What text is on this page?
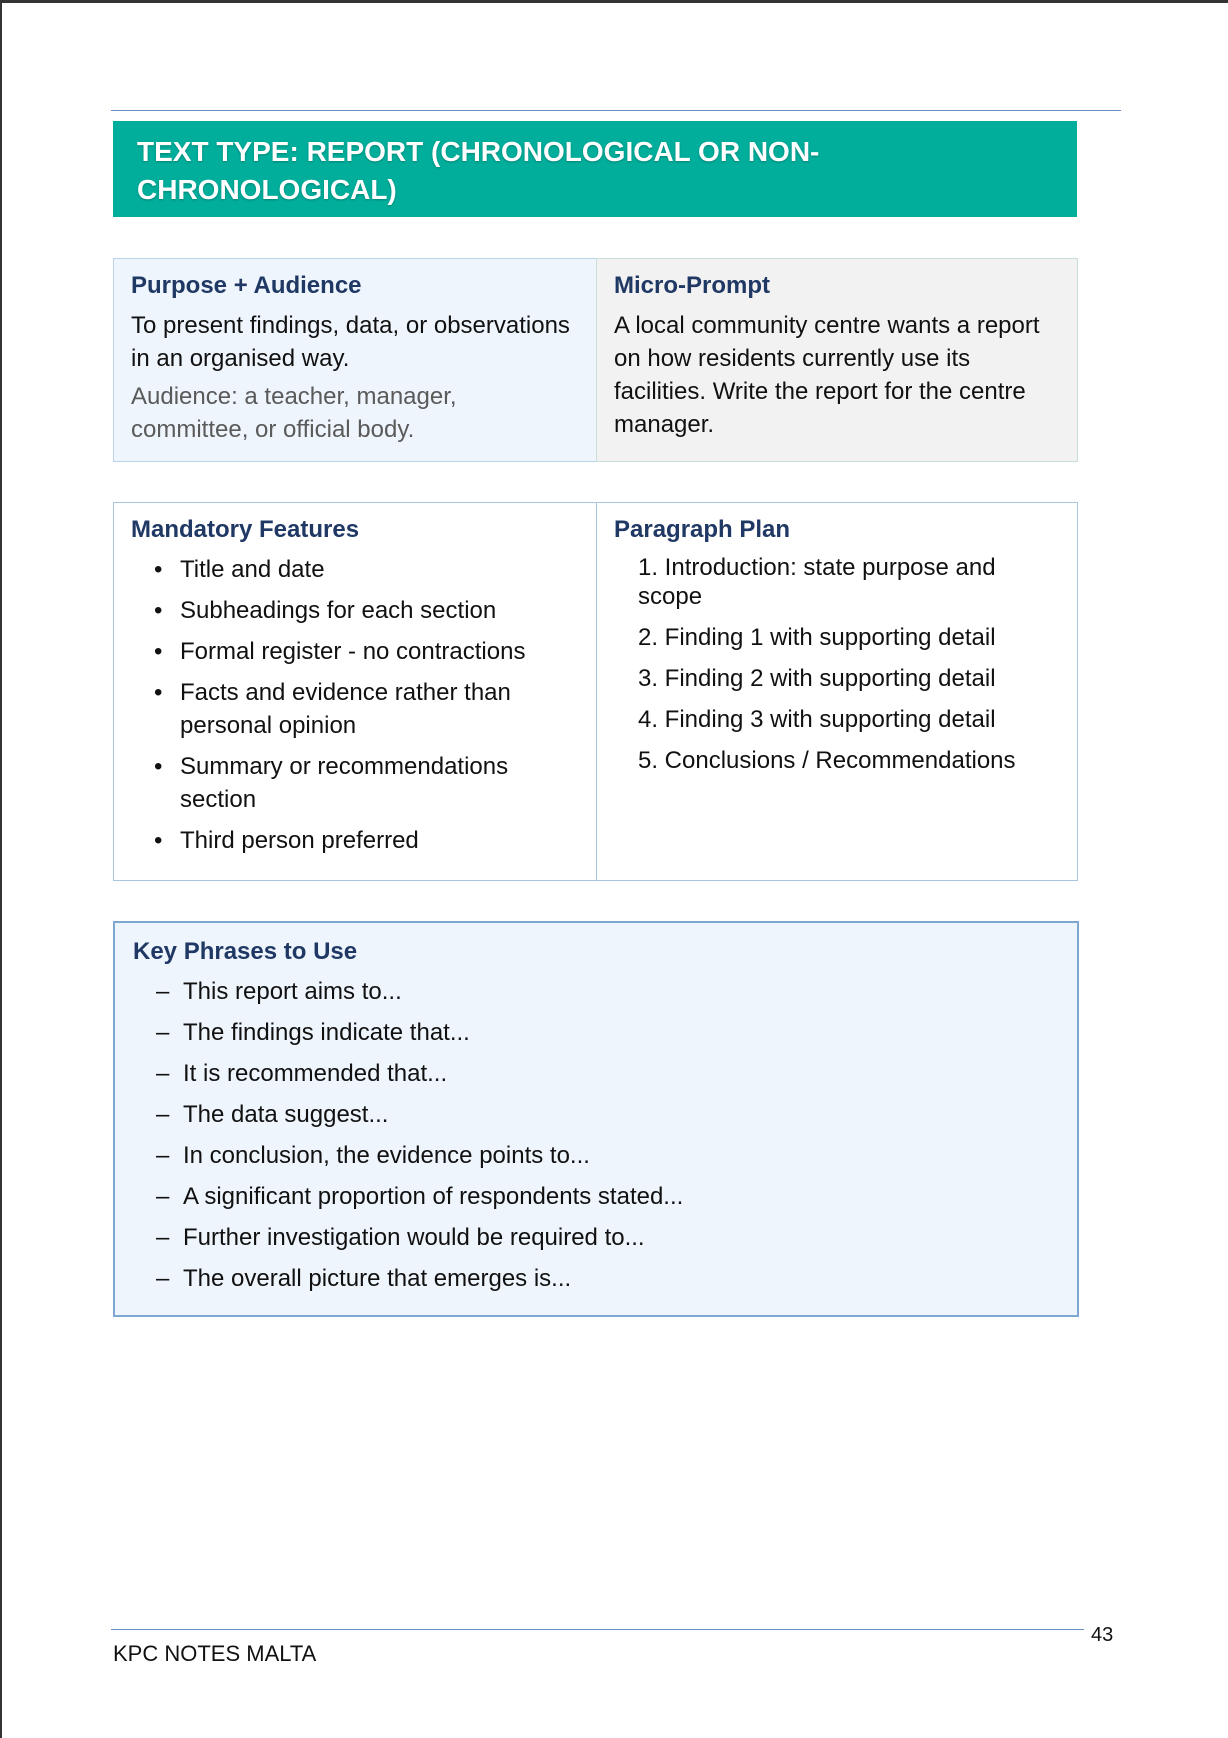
TEXT TYPE: REPORT (CHRONOLOGICAL OR NON-CHRONOLOGICAL)
Purpose + Audience
To present findings, data, or observations in an organised way.
Audience: a teacher, manager, committee, or official body.
Micro-Prompt
A local community centre wants a report on how residents currently use its facilities. Write the report for the centre manager.
Mandatory Features
• Title and date
• Subheadings for each section
• Formal register - no contractions
• Facts and evidence rather than personal opinion
• Summary or recommendations section
• Third person preferred
Paragraph Plan
1. Introduction: state purpose and scope
2. Finding 1 with supporting detail
3. Finding 2 with supporting detail
4. Finding 3 with supporting detail
5. Conclusions / Recommendations
Key Phrases to Use
– This report aims to...
– The findings indicate that...
– It is recommended that...
– The data suggest...
– In conclusion, the evidence points to...
– A significant proportion of respondents stated...
– Further investigation would be required to...
– The overall picture that emerges is...
KPC NOTES MALTA
43
